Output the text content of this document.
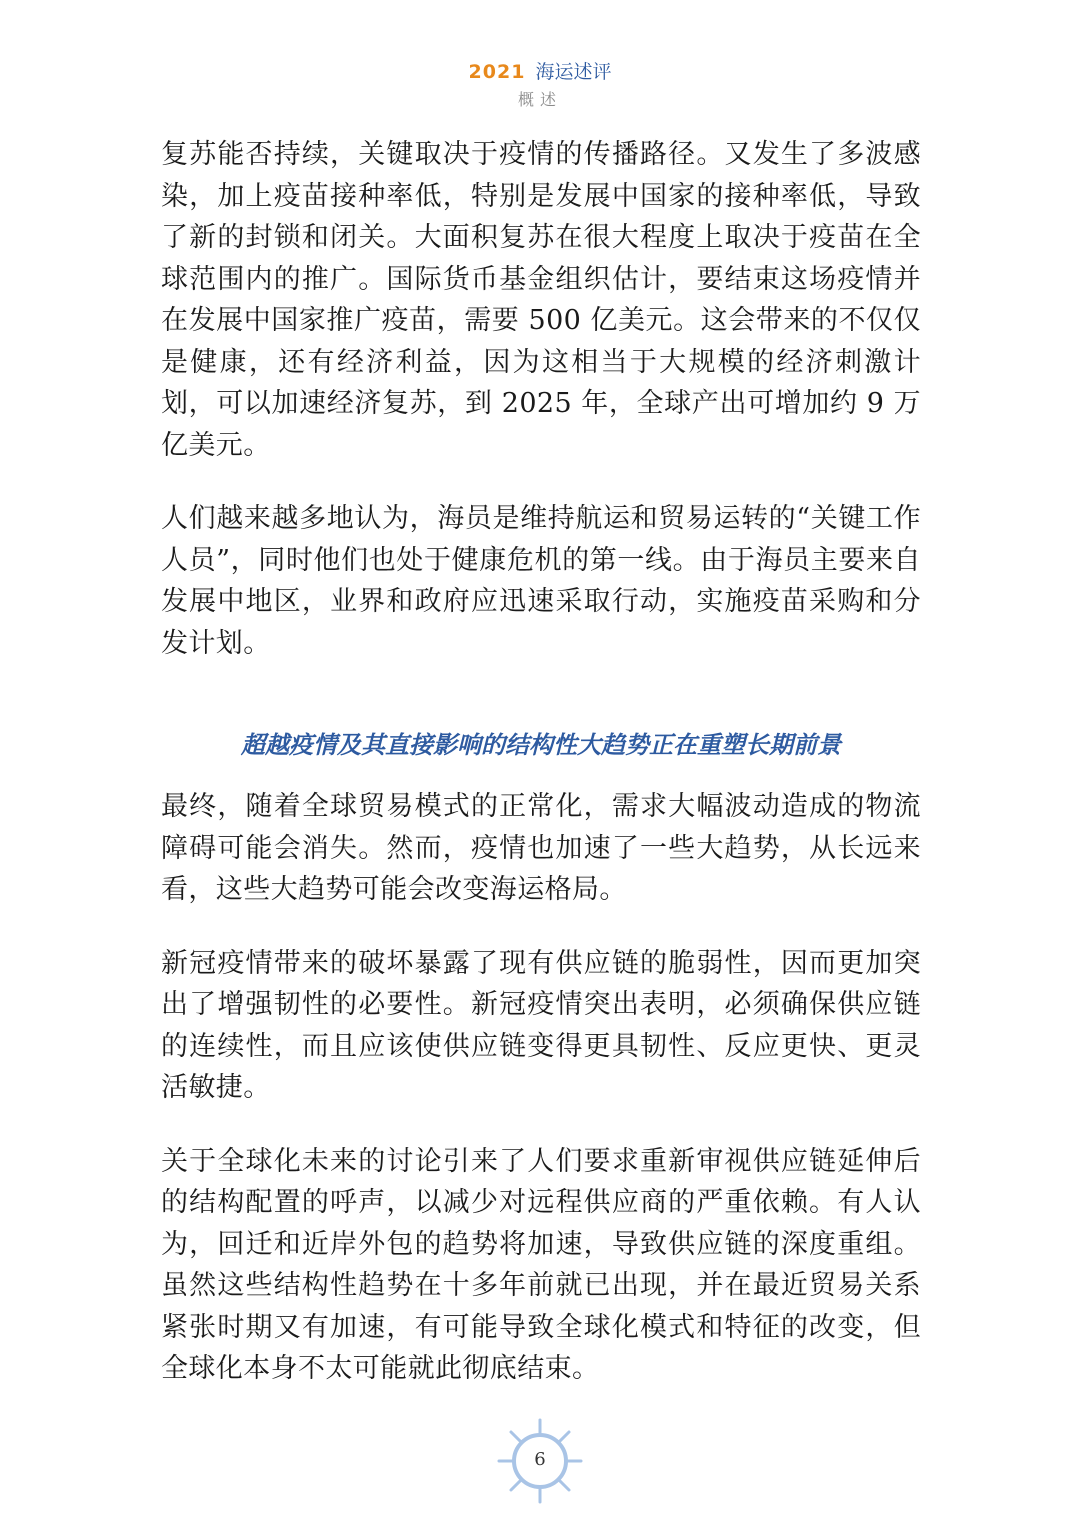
2021 海运述评
概述

复苏能否持续，关键取决于疫情的传播路径。又发生了多波感染，加上疫苗接种率低，特别是发展中国家的接种率低，导致了新的封锁和闭关。大面积复苏在很大程度上取决于疫苗在全球范围内的推广。国际货币基金组织估计，要结束这场疫情并在发展中国家推广疫苗，需要 500 亿美元。这会带来的不仅仅是健康，还有经济利益，因为这相当于大规模的经济刺激计划，可以加速经济复苏，到 2025 年，全球产出可增加约 9 万亿美元。

人们越来越多地认为，海员是维持航运和贸易运转的“关键工作人员”，同时他们也处于健康危机的第一线。由于海员主要来自发展中地区，业界和政府应迅速采取行动，实施疫苗采购和分发计划。

超越疫情及其直接影响的结构性大趋势正在重塑长期前景

最终，随着全球贸易模式的正常化，需求大幅波动造成的物流障碍可能会消失。然而，疫情也加速了一些大趋势，从长远来看，这些大趋势可能会改变海运格局。

新冠疫情带来的破坏暴露了现有供应链的脆弱性，因而更加突出了增强韧性的必要性。新冠疫情突出表明，必须确保供应链的连续性，而且应该使供应链变得更具韧性、反应更快、更灵活敏捷。

关于全球化未来的讨论引来了人们要求重新审视供应链延伸后的结构配置的呼声，以减少对远程供应商的严重依赖。有人认为，回迁和近岸外包的趋势将加速，导致供应链的深度重组。虽然这些结构性趋势在十多年前就已出现，并在最近贸易关系紧张时期又有加速，有可能导致全球化模式和特征的改变，但全球化本身不太可能就此彻底结束。

6
